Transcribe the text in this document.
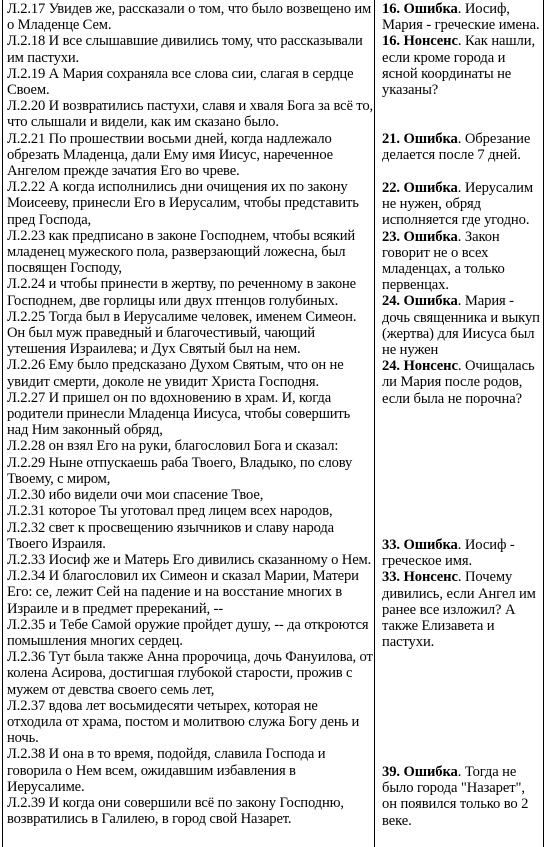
Л.2.17 Увидев же, рассказали о том, что было возвещено им о Младенце Сем.

Л.2.18 И все слышавшие дивились тому, что рассказывали им пастухи.

Л.2.19 А Мария сохраняла все слова сии, слагая в сердце Своем.

Л.2.20 И возвратились пастухи, славя и хваля Бога за всё то, что слышали и видели, как им сказано было.

Л.2.21 По прошествии восьми дней, когда надлежало обрезать Младенца, дали Ему имя Иисус, нареченное Ангелом прежде зачатия Его во чреве.

Л.2.22 А когда исполнились дни очищения их по закону Моисееву, принесли Его в Иерусалим, чтобы представить пред Господа,

Л.2.23 как предписано в законе Господнем, чтобы всякий младенец мужеского пола, разверзающий ложесна, был посвящен Господу,

Л.2.24 и чтобы принести в жертву, по реченному в законе Господнем, две горлицы или двух птенцов голубиных.

Л.2.25 Тогда был в Иерусалиме человек, именем Симеон. Он был муж праведный и благочестивый, чающий утешения Израилева; и Дух Святый был на нем.

Л.2.26 Ему было предсказано Духом Святым, что он не увидит смерти, доколе не увидит Христа Господня.

Л.2.27 И пришел он по вдохновению в храм. И, когда родители принесли Младенца Иисуса, чтобы совершить над Ним законный обряд,

Л.2.28 он взял Его на руки, благословил Бога и сказал:

Л.2.29 Ныне отпускаешь раба Твоего, Владыко, по слову Твоему, с миром,

Л.2.30 ибо видели очи мои спасение Твое,

Л.2.31 которое Ты уготовал пред лицем всех народов,

Л.2.32 свет к просвещению язычников и славу народа Твоего Израиля.

Л.2.33 Иосиф же и Матерь Его дивились сказанному о Нем.

Л.2.34 И благословил их Симеон и сказал Марии, Матери Его: се, лежит Сей на падение и на восстание многих в Израиле и в предмет пререканий, --

Л.2.35 и Тебе Самой оружие пройдет душу, -- да откроются помышления многих сердец.

Л.2.36 Тут была также Анна пророчица, дочь Фануилова, от колена Асирова, достигшая глубокой старости, прожив с мужем от девства своего семь лет,

Л.2.37 вдова лет восьмидесяти четырех, которая не отходила от храма, постом и молитвою служа Богу день и ночь.

Л.2.38 И она в то время, подойдя, славила Господа и говорила о Нем всем, ожидавшим избавления в Иерусалиме.

Л.2.39 И когда они совершили всё по закону Господню, возвратились в Галилею, в город свой Назарет.

16. Ошибка. Иосиф, Мария - греческие имена.

16. Нонсенс. Как нашли, если кроме города и ясной координаты не указаны?

21. Ошибка. Обрезание делается после 7 дней.

22. Ошибка. Иерусалим не нужен, обряд исполняется где угодно.

23. Ошибка. Закон говорит не о всех младенцах, а только первенцах.

24. Ошибка. Мария - дочь священника и выкуп (жертва) для Иисуса был не нужен

24. Нонсенс. Очищалась ли Мария после родов, если была не порочна?

33. Ошибка. Иосиф - греческое имя.

33. Нонсенс. Почему дивились, если Ангел им ранее все изложил? А также Елизавета и пастухи.

39. Ошибка. Тогда не было города "Назарет", он появился только во 2 веке.
